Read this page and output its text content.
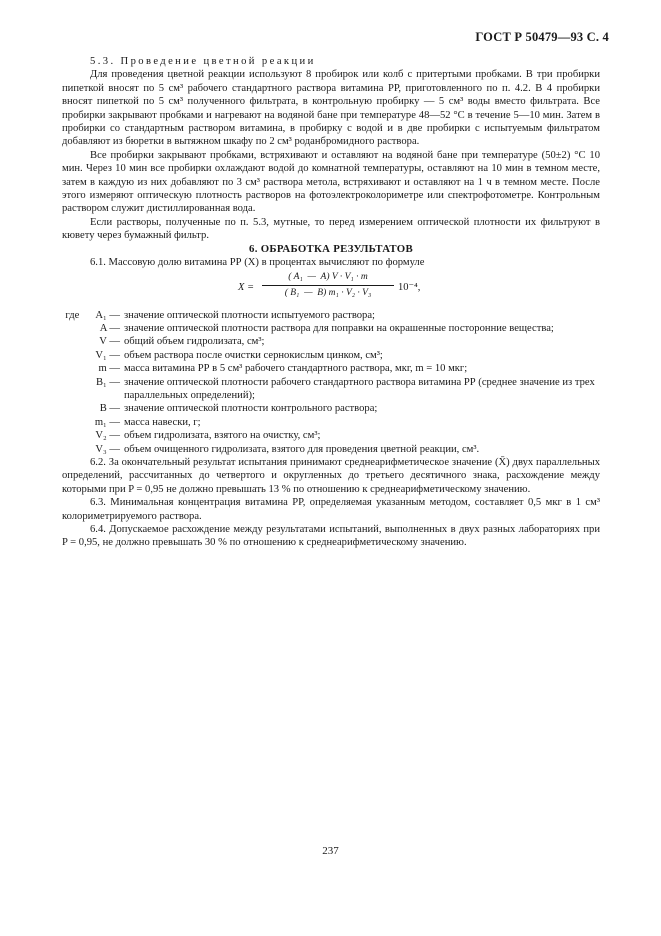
ГОСТ Р 50479—93 С. 4

5.3. Проведение цветной реакции

Для проведения цветной реакции используют 8 пробирок или колб с притертыми пробками. В три пробирки пипеткой вносят по 5 см³ рабочего стандартного раствора витамина РР, приготовленного по п. 4.2. В 4 пробирки вносят пипеткой по 5 см³ полученного фильтрата, в контрольную пробирку — 5 см³ воды вместо фильтрата. Все пробирки закрывают пробками и нагревают на водяной бане при температуре 48—52 °С в течение 5—10 мин. Затем в пробирки со стандартным раствором витамина, в пробирку с водой и в две пробирки с испытуемым фильтратом добавляют из бюретки в вытяжном шкафу по 2 см³ роданбромидного раствора.

Все пробирки закрывают пробками, встряхивают и оставляют на водяной бане при температуре (50±2) °С 10 мин. Через 10 мин все пробирки охлаждают водой до комнатной температуры, оставляют на 10 мин в темном месте, затем в каждую из них добавляют по 3 см³ раствора метола, встряхивают и оставляют на 1 ч в темном месте. После этого измеряют оптическую плотность растворов на фотоэлектроколориметре или спектрофотометре. Контрольным раствором служит дистиллированная вода.

Если растворы, полученные по п. 5.3, мутные, то перед измерением оптической плотности их фильтруют в кювету через бумажный фильтр.

6. ОБРАБОТКА РЕЗУЛЬТАТОВ

6.1. Массовую долю витамина РР (X) в процентах вычисляют по формуле

X =
( A₁  —  A) V · V₁ · m
( B₁  —  B) m₁ · V₂ · V₃	10⁻⁴,
где A₁ — значение оптической плотности испытуемого раствора;
A — значение оптической плотности раствора для поправки на окрашенные посторонние вещества;
V — общий объем гидролизата, см³;
V₁ — объем раствора после очистки сернокислым цинком, см³;
m — масса витамина РР в 5 см³ рабочего стандартного раствора, мкг, m = 10 мкг;
B₁ — значение оптической плотности рабочего стандартного раствора витамина РР (среднее значение из трех параллельных определений);
B — значение оптической плотности контрольного раствора;
m₁ — масса навески, г;
V₂ — объем гидролизата, взятого на очистку, см³;
V₃ — объем очищенного гидролизата, взятого для проведения цветной реакции, см³.

6.2. За окончательный результат испытания принимают среднеарифметическое значение (X̄) двух параллельных определений, рассчитанных до четвертого и округленных до третьего десятичного знака, расхождение между которыми при P = 0,95 не должно превышать 13 % по отношению к среднеарифметическому значению.

6.3. Минимальная концентрация витамина РР, определяемая указанным методом, составляет 0,5 мкг в 1 см³ колориметрируемого раствора.

6.4. Допускаемое расхождение между результатами испытаний, выполненных в двух разных лабораториях при P = 0,95, не должно превышать 30 % по отношению к среднеарифметическому значению.

237
